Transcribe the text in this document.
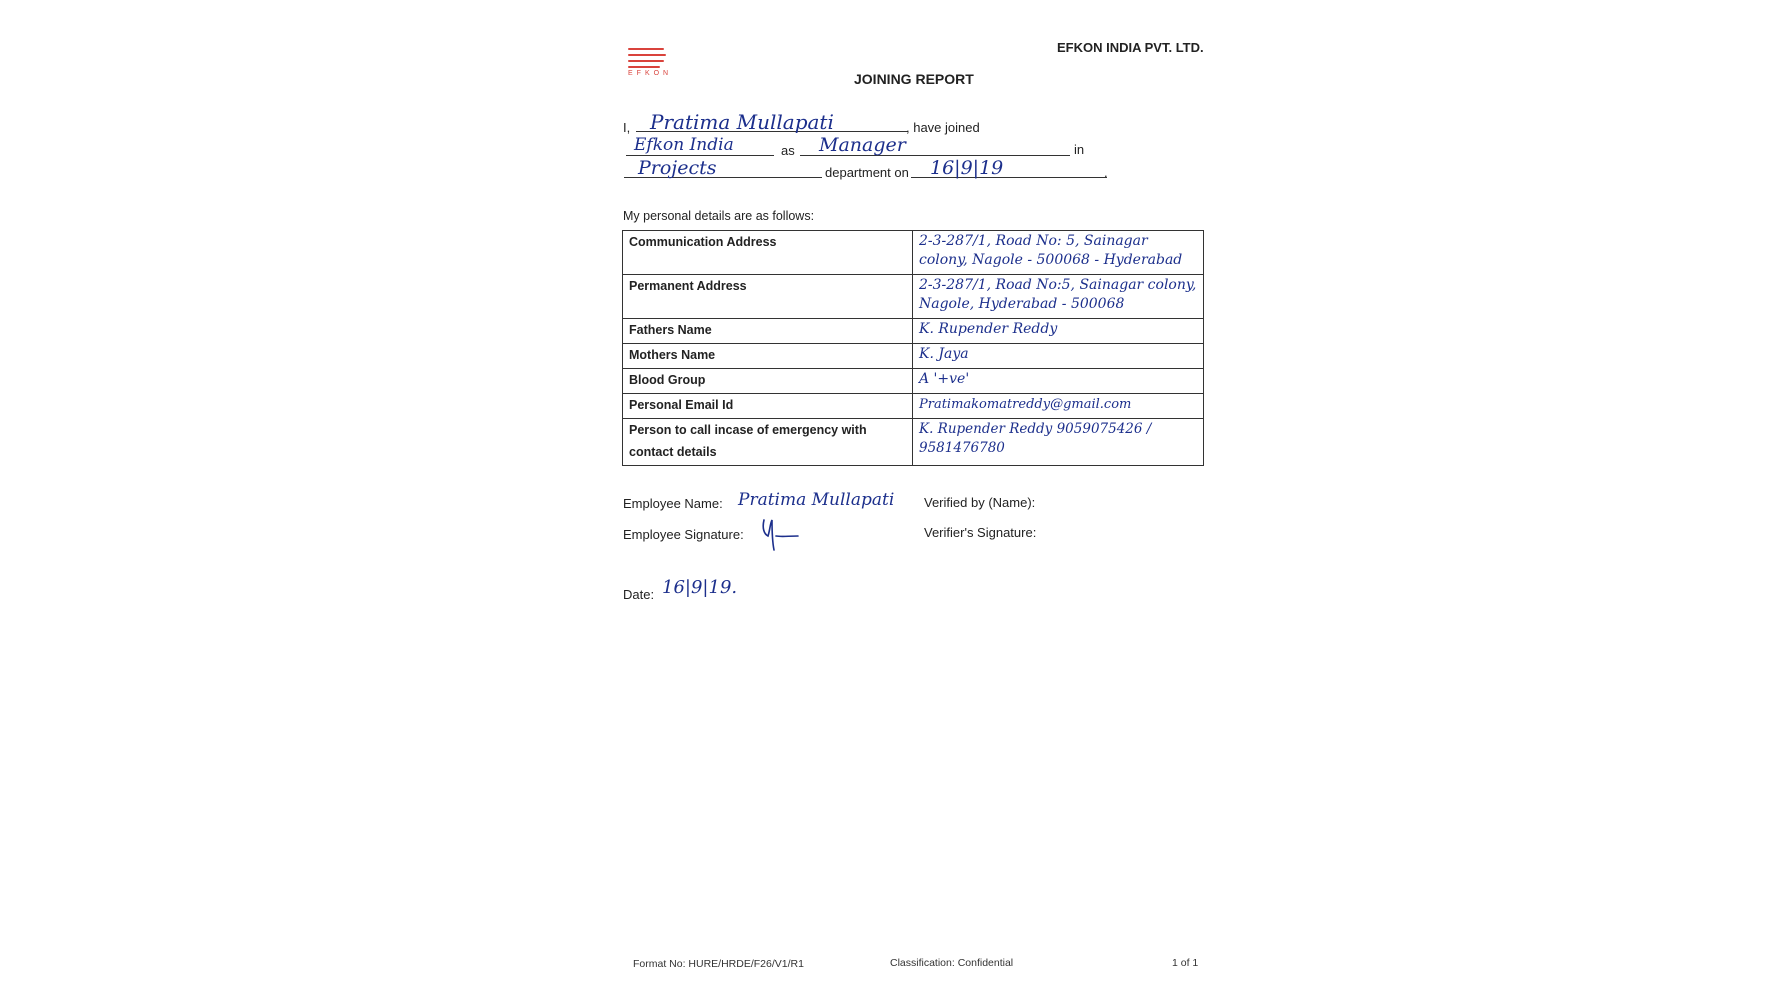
EFKON
EFKON INDIA PVT. LTD.
JOINING REPORT
I, Pratima Mullapati	, have joined
Efkon India	as Manager	in
Projects	department on 16|9|19	.
My personal details are as follows:
Communication Address	2-3-287/1, Road No: 5, Sainagar colony, Nagole - 500068 - Hyderabad
Permanent Address	2-3-287/1, Road No:5, Sainagar colony, Nagole, Hyderabad - 500068
Fathers Name	K. Rupender Reddy
Mothers Name	K. Jaya
Blood Group	A '+ve'
Personal Email Id	Pratimakomatreddy@gmail.com
Person to call incase of emergency with contact details	K. Rupender Reddy 9059075426 / 9581476780
Employee Name: Pratima Mullapati Verified by (Name):
Employee Signature:	Verifier's Signature:
Date: 16|9|19.
Format No: HURE/HRDE/F26/V1/R1	Classification: Confidential	1 of 1
